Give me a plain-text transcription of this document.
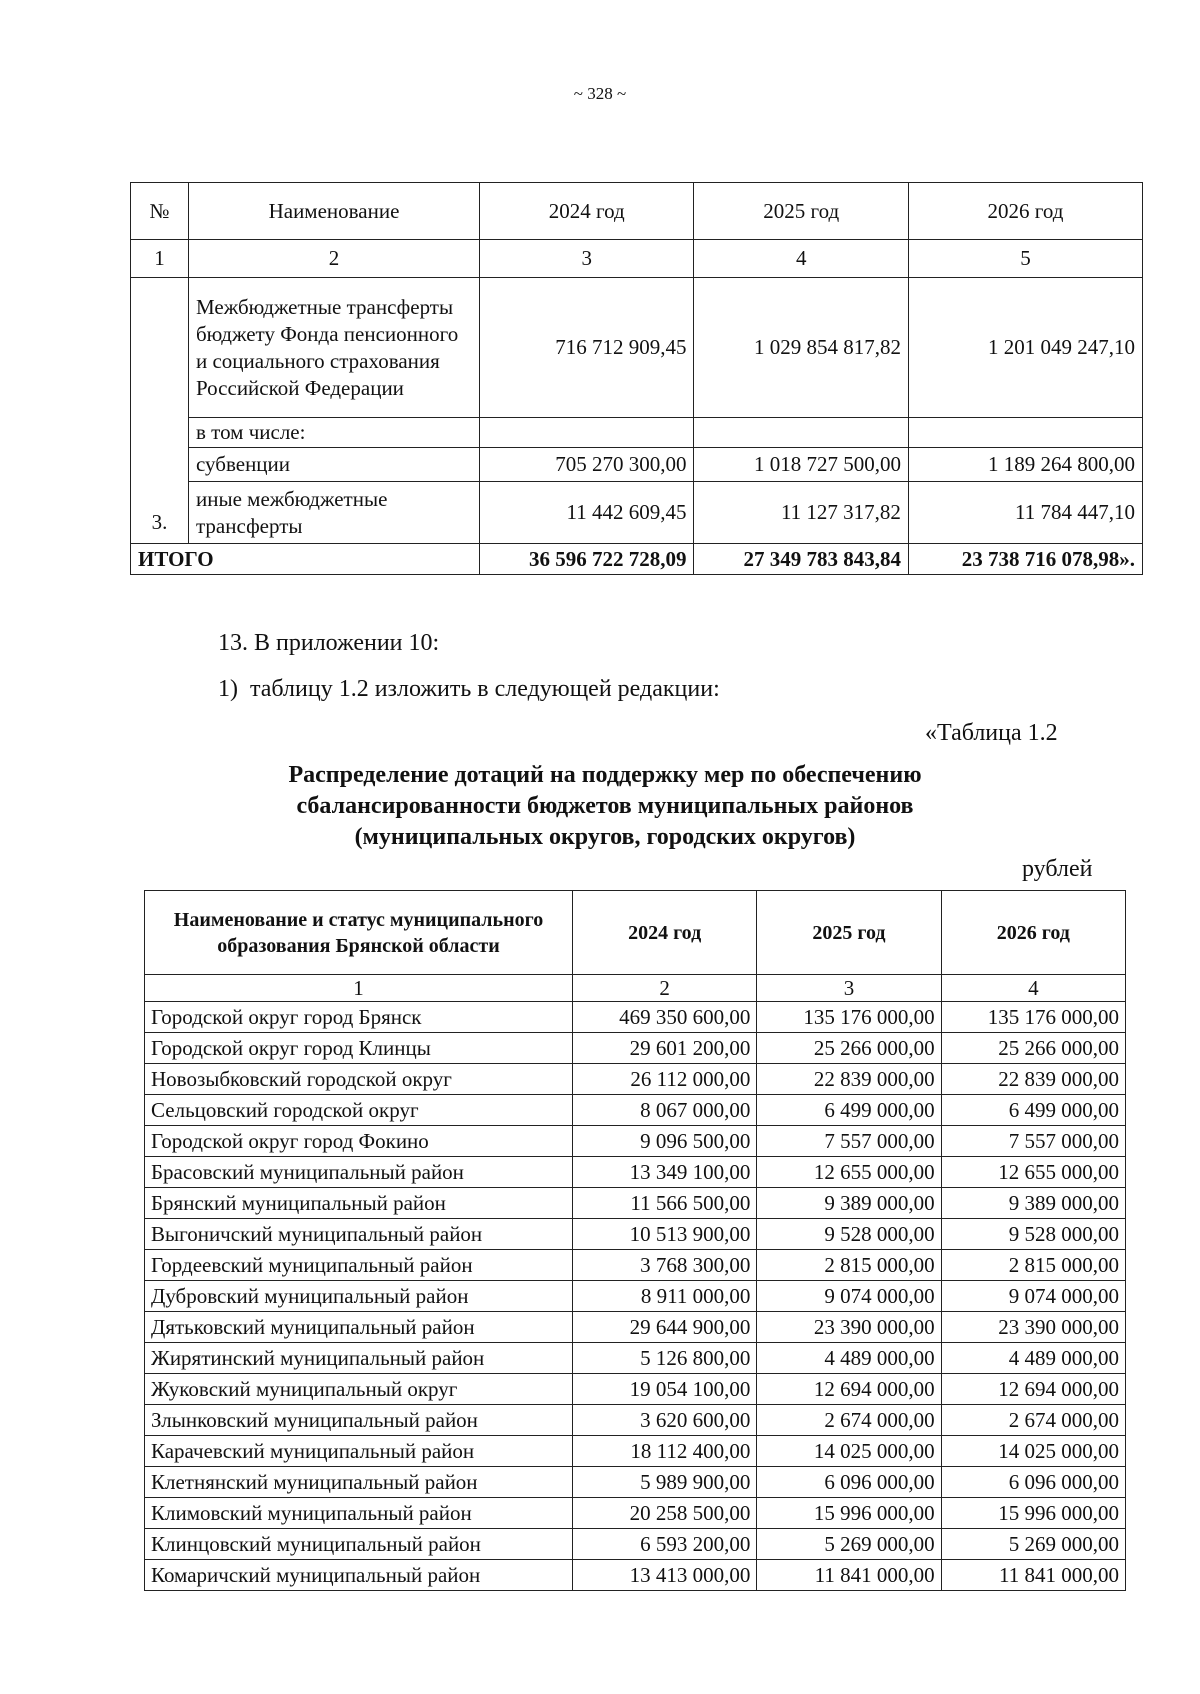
~ 328 ~
№	Наименование	2024 год	2025 год	2026 год
1	2	3	4	5
3.	Межбюджетные трансферты бюджету Фонда пенсионного и социального страхования Российской Федерации	716 712 909,45	1 029 854 817,82	1 201 049 247,10
	в том числе:			
	субвенции	705 270 300,00	1 018 727 500,00	1 189 264 800,00
	иные межбюджетные трансферты	11 442 609,45	11 127 317,82	11 784 447,10
ИТОГО		36 596 722 728,09	27 349 783 843,84	23 738 716 078,98».
13. В приложении 10:
1)  таблицу 1.2 изложить в следующей редакции:
«Таблица 1.2
Распределение дотаций на поддержку мер по обеспечению
сбалансированности бюджетов муниципальных районов
(муниципальных округов, городских округов)
рублей
Наименование и статус муниципального образования Брянской области	2024 год	2025 год	2026 год
1	2	3	4
Городской округ город Брянск	469 350 600,00	135 176 000,00	135 176 000,00
Городской округ город Клинцы	29 601 200,00	25 266 000,00	25 266 000,00
Новозыбковский городской округ	26 112 000,00	22 839 000,00	22 839 000,00
Сельцовский городской округ	8 067 000,00	6 499 000,00	6 499 000,00
Городской округ город Фокино	9 096 500,00	7 557 000,00	7 557 000,00
Брасовский муниципальный район	13 349 100,00	12 655 000,00	12 655 000,00
Брянский муниципальный район	11 566 500,00	9 389 000,00	9 389 000,00
Выгоничский муниципальный район	10 513 900,00	9 528 000,00	9 528 000,00
Гордеевский муниципальный район	3 768 300,00	2 815 000,00	2 815 000,00
Дубровский муниципальный район	8 911 000,00	9 074 000,00	9 074 000,00
Дятьковский муниципальный район	29 644 900,00	23 390 000,00	23 390 000,00
Жирятинский муниципальный район	5 126 800,00	4 489 000,00	4 489 000,00
Жуковский муниципальный округ	19 054 100,00	12 694 000,00	12 694 000,00
Злынковский муниципальный район	3 620 600,00	2 674 000,00	2 674 000,00
Карачевский муниципальный район	18 112 400,00	14 025 000,00	14 025 000,00
Клетнянский муниципальный район	5 989 900,00	6 096 000,00	6 096 000,00
Климовский муниципальный район	20 258 500,00	15 996 000,00	15 996 000,00
Клинцовский муниципальный район	6 593 200,00	5 269 000,00	5 269 000,00
Комаричский муниципальный район	13 413 000,00	11 841 000,00	11 841 000,00
